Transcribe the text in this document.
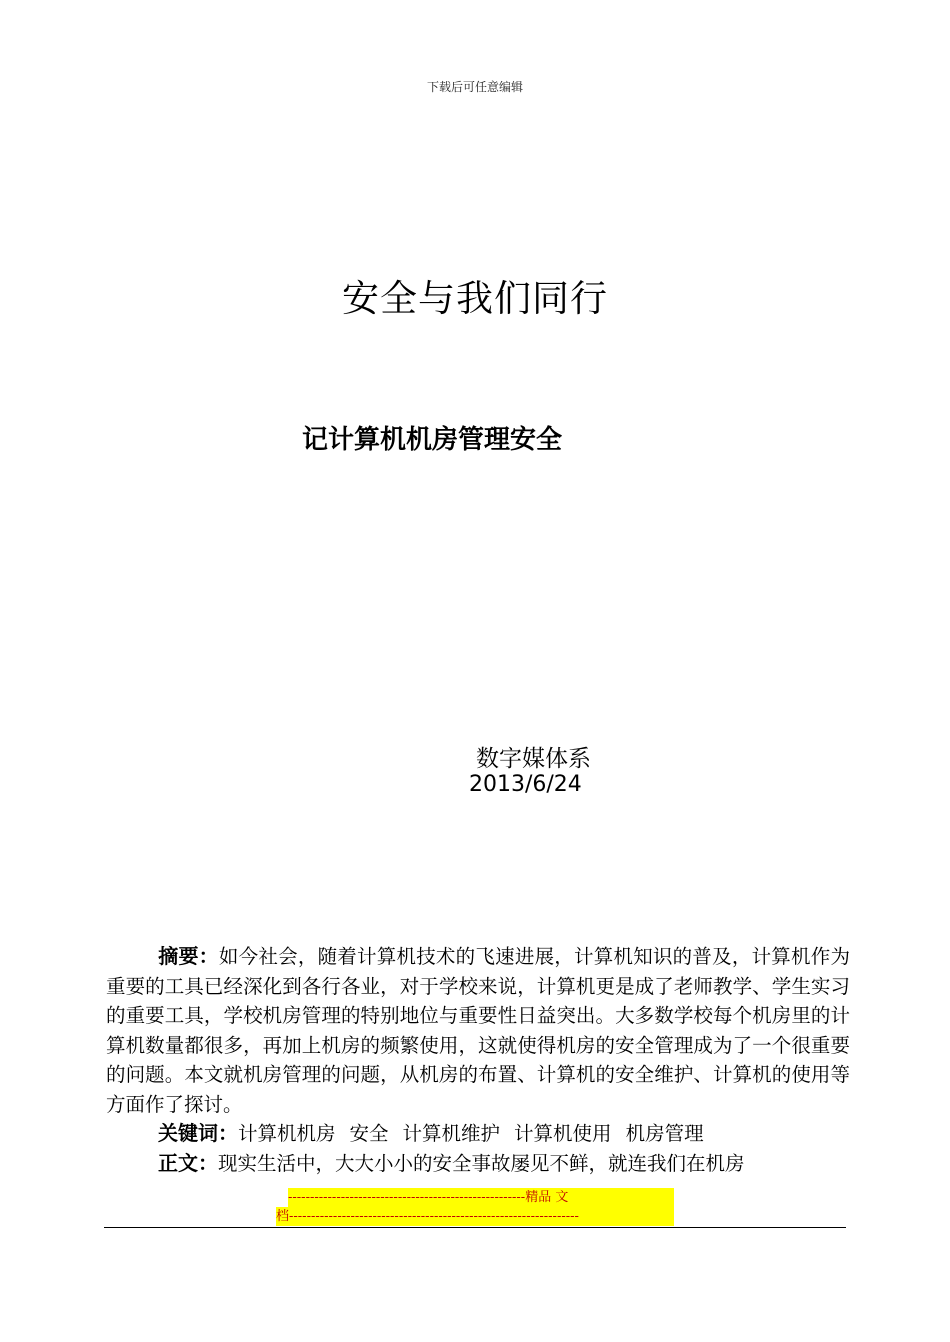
下载后可任意编辑
安全与我们同行
记计算机机房管理安全
数字媒体系
2013/6/24

摘要：如今社会，随着计算机技术的飞速进展，计算机知识的普及，计算机作为重要的工具已经深化到各行各业，对于学校来说，计算机更是成了老师教学、学生实习的重要工具，学校机房管理的特别地位与重要性日益突出。大多数学校每个机房里的计算机数量都很多，再加上机房的频繁使用，这就使得机房的安全管理成为了一个很重要的问题。本文就机房管理的问题，从机房的布置、计算机的安全维护、计算机的使用等方面作了探讨。

关键词：计算机机房 安全 计算机维护 计算机使用 机房管理

正文：现实生活中，大大小小的安全事故屡见不鲜，就连我们在机房

------------------------------------------------------精品 文
档------------------------------------------------------------------
